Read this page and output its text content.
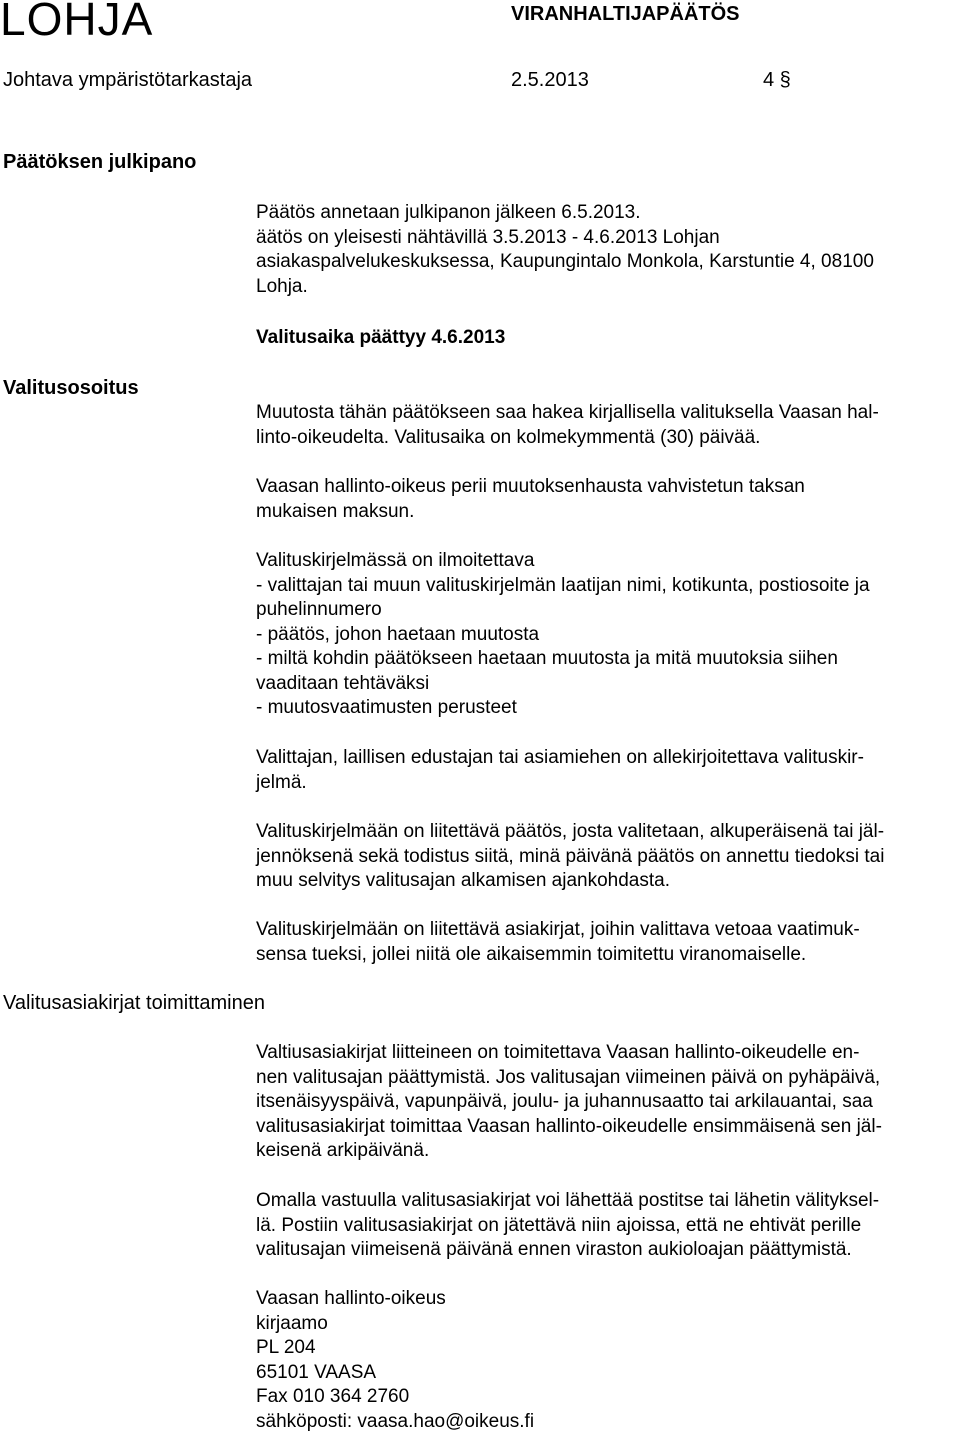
LOHJA	VIRANHALTIJAPÄÄTÖS
Johtava ympäristötarkastaja	2.5.2013	4 §
Päätöksen julkipano
Valitusosoitus
Valitusasiakirjat toimittaminen
Päätös annetaan julkipanon jälkeen 6.5.2013.
äätös on yleisesti nähtävillä 3.5.2013 - 4.6.2013 Lohjan
asiakaspalvelukeskuksessa, Kaupungintalo Monkola, Karstuntie 4, 08100
Lohja.
Valitusaika päättyy 4.6.2013
Muutosta tähän päätökseen saa hakea kirjallisella valituksella Vaasan hal-
linto-oikeudelta. Valitusaika on kolmekymmentä (30) päivää.
Vaasan hallinto-oikeus perii muutoksenhausta vahvistetun taksan
mukaisen maksun.
Valituskirjelmässä on ilmoitettava
- valittajan tai muun valituskirjelmän laatijan nimi, kotikunta, postiosoite ja
puhelinnumero
- päätös, johon haetaan muutosta
- miltä kohdin päätökseen haetaan muutosta ja mitä muutoksia siihen
vaaditaan tehtäväksi
- muutosvaatimusten perusteet
Valittajan, laillisen edustajan tai asiamiehen on allekirjoitettava valituskir-
jelmä.
Valituskirjelmään on liitettävä päätös, josta valitetaan, alkuperäisenä tai jäl-
jennöksenä sekä todistus siitä, minä päivänä päätös on annettu tiedoksi tai
muu selvitys valitusajan alkamisen ajankohdasta.
Valituskirjelmään on liitettävä asiakirjat, joihin valittava vetoaa vaatimuk-
sensa tueksi, jollei niitä ole aikaisemmin toimitettu viranomaiselle.
Valtiusasiakirjat liitteineen on toimitettava Vaasan hallinto-oikeudelle en-
nen valitusajan päättymistä. Jos valitusajan viimeinen päivä on pyhäpäivä,
itsenäisyyspäivä, vapunpäivä, joulu- ja juhannusaatto tai arkilauantai, saa
valitusasiakirjat toimittaa Vaasan hallinto-oikeudelle ensimmäisenä sen jäl-
keisenä arkipäivänä.
Omalla vastuulla valitusasiakirjat voi lähettää postitse tai lähetin välityksel-
lä. Postiin valitusasiakirjat on jätettävä niin ajoissa, että ne ehtivät perille
valitusajan viimeisenä päivänä ennen viraston aukioloajan päättymistä.
Vaasan hallinto-oikeus
kirjaamo
PL 204
65101 VAASA
Fax 010 364 2760
sähköposti: vaasa.hao@oikeus.fi
